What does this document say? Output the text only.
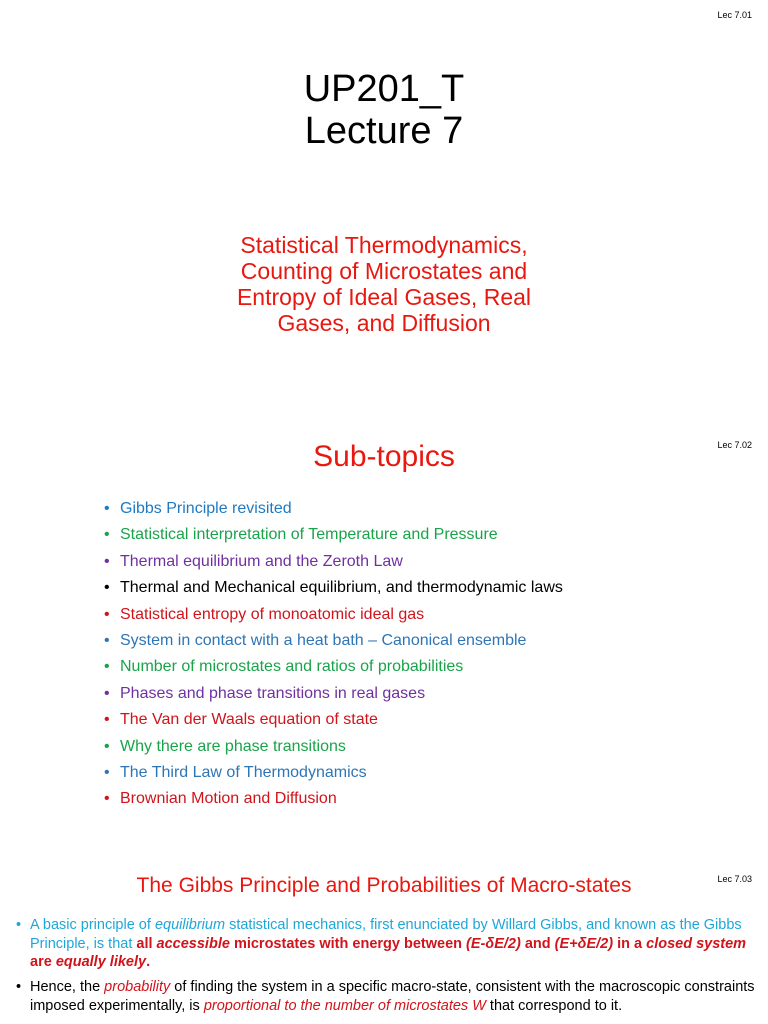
Lec 7.01
UP201_T
Lecture 7
Statistical Thermodynamics,
Counting of Microstates and
Entropy of Ideal Gases, Real
Gases, and Diffusion
Lec 7.02
Sub-topics
• Gibbs Principle revisited
• Statistical interpretation of Temperature and Pressure
• Thermal equilibrium and the Zeroth Law
• Thermal and Mechanical equilibrium, and thermodynamic laws
• Statistical entropy of monoatomic ideal gas
• System in contact with a heat bath – Canonical ensemble
• Number of microstates and ratios of probabilities
• Phases and phase transitions in real gases
• The Van der Waals equation of state
• Why there are phase transitions
• The Third Law of Thermodynamics
• Brownian Motion and Diffusion
Lec 7.03
The Gibbs Principle and Probabilities of Macro-states
• A basic principle of equilibrium statistical mechanics, first enunciated by Willard Gibbs, and known as the Gibbs Principle, is that all accessible microstates with energy between (E-δE/2) and (E+δE/2) in a closed system are equally likely.
• Hence, the probability of finding the system in a specific macro-state, consistent with the macroscopic constraints imposed experimentally, is proportional to the number of microstates W that correspond to it.
